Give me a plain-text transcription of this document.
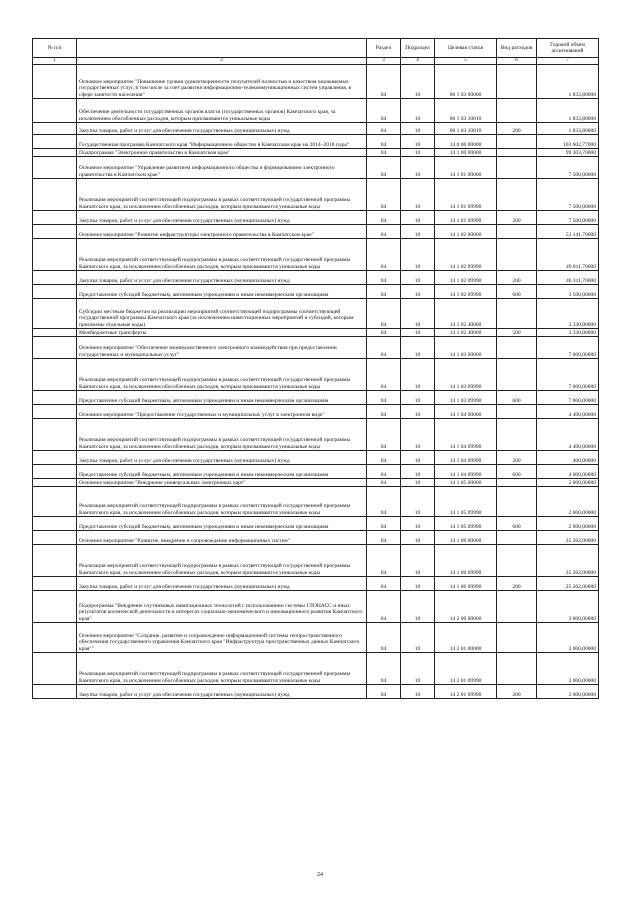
№ п/п		Раздел	Подраздел	Целевая статья	Вид расходов	Годовой объем ассигнований
1	2	3	4	5	6	7
	Основное мероприятие "Повышение уровня удовлетворенности получателей полностью и качеством оказываемых государственных услуг, в том числе за счет развития информационно-телекоммуникационных систем управления, в сфере занятости населения"	04	10	06 1 03 00000		1 833,80000
	Обеспечение деятельности государственных органов власти (государственных органов) Камчатского края, за исключением обособленных расходов, которым присваиваются уникальные коды	04	10	06 1 03 10010		1 833,80000
	Закупка товаров, работ и услуг для обеспечения государственных (муниципальных) нужд	04	10	06 1 03 10010	200	1 833,80000
	Государственная программа Камчатского края "Информационное общество в Камчатском крае на 2014–2018 годы"	04	10	14 0 00 00000		103 602,77000
	Подпрограмма "Электронное правительство в Камчатском крае"	04	10	14 1 00 00000		99 303,70000
	Основное мероприятие "Управление развитием информационного общества и формированием электронного правительства в Камчатском крае"	04	10	14 1 01 00000		7 500,00000
	Реализация мероприятий соответствующей подпрограммы в рамках соответствующей государственной программы Камчатского края, за исключением обособленных расходов, которым присваиваются уникальные коды	04	10	14 1 01 09990		7 500,00000
	Закупка товаров, работ и услуг для обеспечения государственных (муниципальных) нужд	04	10	14 1 01 09990	200	7 500,00000
	Основное мероприятие "Развитие инфраструктуры электронного правительства в Камчатском крае"	04	10	14 1 02 00000		53 141,70000
	Реализация мероприятий соответствующей подпрограммы в рамках соответствующей государственной программы Камчатского края, за исключением обособленных расходов, которым присваиваются уникальные коды	04	10	14 1 02 09990		49 811,70000
	Закупка товаров, работ и услуг для обеспечения государственных (муниципальных) нужд	04	10	14 1 02 09990	200	46 311,70000
	Предоставление субсидий бюджетным, автономным учреждениям и иным некоммерческим организациям	04	10	14 1 02 09990	600	3 500,00000
	Субсидии местным бюджетам на реализацию мероприятий соответствующей подпрограммы соответствующей государственной программы Камчатского края (за исключением инвестиционных мероприятий и субсидий, которым присвоены отдельные коды)	04	10	14 1 02 40060		3 330,00000
	Межбюджетные трансферты	04	10	14 1 02 40060	500	3 330,00000
	Основное мероприятие "Обеспечение межведомственного электронного взаимодействия при предоставлении государственных и муниципальных услуг"	04	10	14 1 03 00000		7 000,00000
	Реализация мероприятий соответствующей подпрограммы в рамках соответствующей государственной программы Камчатского края, за исключением обособленных расходов, которым присваиваются уникальные коды	04	10	14 1 03 09990		7 000,00000
	Предоставление субсидий бюджетным, автономным учреждениям и иным некоммерческим организациям	04	10	14 1 03 09990	600	7 000,00000
	Основное мероприятие "Предоставление государственных и муниципальных услуг в электронном виде"	04	10	14 1 04 00000		4 400,00000
	Реализация мероприятий соответствующей подпрограммы в рамках соответствующей государственной программы Камчатского края, за исключением обособленных расходов, которым присваиваются уникальные коды	04	10	14 1 04 09990		4 400,00000
	Закупка товаров, работ и услуг для обеспечения государственных (муниципальных) нужд	04	10	14 1 04 09990	200	400,00000
	Предоставление субсидий бюджетным, автономным учреждениям и иным некоммерческим организациям	04	10	14 1 04 09990	600	4 000,00000
	Основное мероприятие "Внедрение универсальных электронных карт"	04	10	14 1 05 00000		2 000,00000
	Реализация мероприятий соответствующей подпрограммы в рамках соответствующей государственной программы Камчатского края, за исключением обособленных расходов, которым присваиваются уникальные коды	04	10	14 1 05 09990		2 000,00000
	Предоставление субсидий бюджетным, автономным учреждениям и иным некоммерческим организациям	04	10	14 1 05 09990	600	2 000,00000
	Основное мероприятие "Развитие, внедрение и сопровождение информационных систем"	04	10	14 1 06 00000		25 262,00000
	Реализация мероприятий соответствующей подпрограммы в рамках соответствующей государственной программы Камчатского края, за исключением обособленных расходов, которым присваиваются уникальные коды	04	10	14 1 06 09990		25 262,00000
	Закупка товаров, работ и услуг для обеспечения государственных (муниципальных) нужд	04	10	14 1 06 09990	200	25 262,00000
	Подпрограмма "Внедрение спутниковых навигационных технологий с использованием системы ГЛОНАСС и иных результатов космической деятельности в интересах социально-экономического и инновационного развития Камчатского края"	04	10	14 2 00 00000		3 000,00000
	Основное мероприятие "Создание, развитие и сопровождение информационной системы геопространственного обеспечения государственного управления Камчатского края "Инфраструктура пространственных данных Камчатского края""	04	10	14 2 01 00000		3 000,00000
	Реализация мероприятий соответствующей подпрограммы в рамках соответствующей государственной программы Камчатского края, за исключением обособленных расходов, которым присваиваются уникальные коды	04	10	14 2 01 09990		3 000,00000
	Закупка товаров, работ и услуг для обеспечения государственных (муниципальных) нужд	04	10	14 2 01 09990	200	3 000,00000
24
